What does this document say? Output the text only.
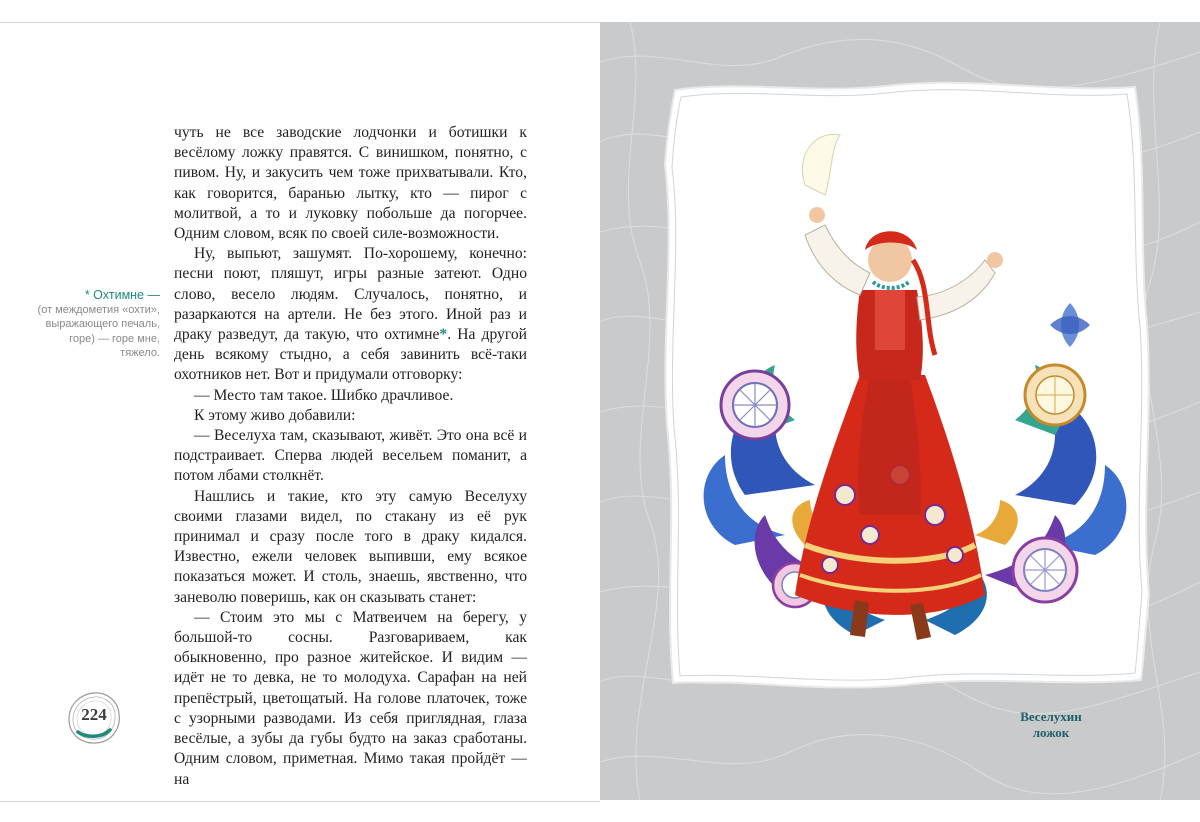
* Охтимне —
(от междометия «охти», выражающего печаль, горе) — горе мне, тяжело.
224

чуть не все заводские лодчонки и ботишки к весёлому ложку правятся. С винишком, понятно, с пивом. Ну, и закусить чем тоже прихватывали. Кто, как говорится, баранью лытку, кто — пирог с молитвой, а то и луковку побольше да погорчее. Одним словом, всяк по своей силе-возможности.

Ну, выпьют, зашумят. По-хорошему, конечно: песни поют, пляшут, игры разные затеют. Одно слово, весело людям. Случалось, понятно, и разаркаются на артели. Не без этого. Иной раз и драку разведут, да такую, что охтимне*. На другой день всякому стыдно, а себя завинить всё-таки охотников нет. Вот и придумали отговорку:

— Место там такое. Шибко драчливое.

К этому живо добавили:

— Веселуха там, сказывают, живёт. Это она всё и подстраивает. Сперва людей весельем поманит, а потом лбами столкнёт.

Нашлись и такие, кто эту самую Веселуху своими глазами видел, по стакану из её рук принимал и сразу после того в драку кидался. Известно, ежели человек выпивши, ему всякое показаться может. И столь, знаешь, явственно, что заневолю поверишь, как он сказывать станет:

— Стоим это мы с Матвеичем на берегу, у большой-то сосны. Разговариваем, как обыкновенно, про разное житейское. И видим — идёт не то девка, не то молодуха. Сарафан на ней препёстрый, цветощатый. На голове платочек, тоже с узорными разводами. Из себя приглядная, глаза весёлые, а зубы да губы будто на заказ сработаны. Одним словом, приметная. Мимо такая пройдёт — на

Веселухин
ложок
